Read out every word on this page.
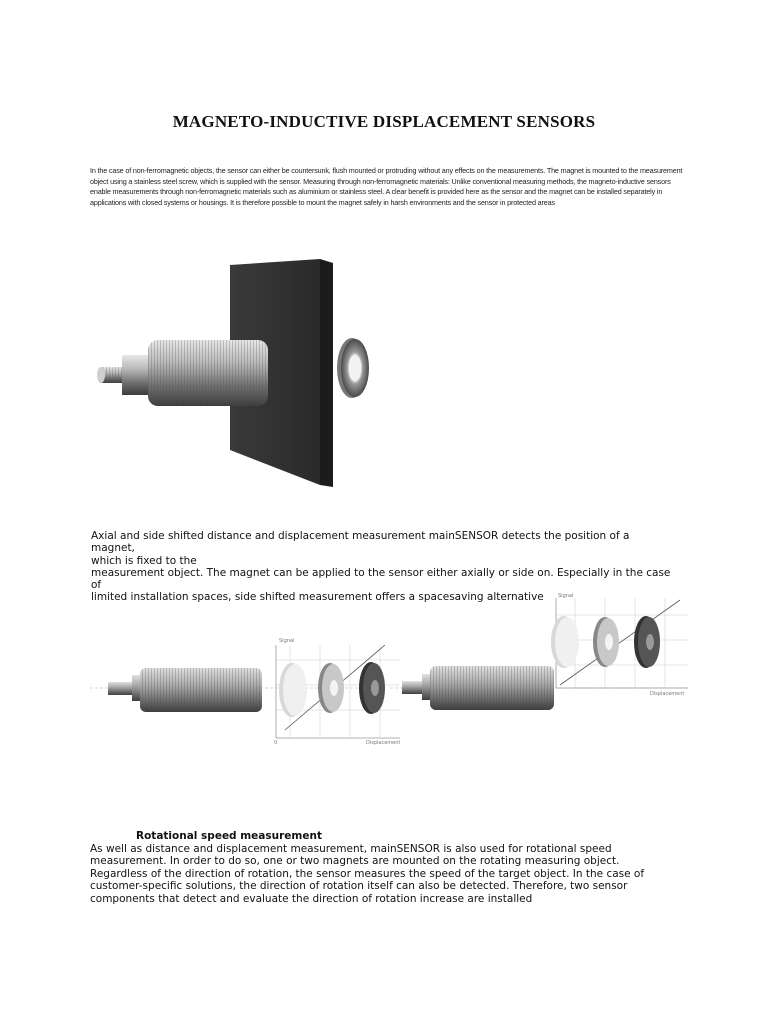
MAGNETO-INDUCTIVE DISPLACEMENT SENSORS
In the case of non-ferromagnetic objects, the sensor can either be countersunk, flush mounted or protruding without any effects on the measurements. The magnet is mounted to the measurement object using a stainless steel screw, which is supplied with the sensor. Measuring through non-ferromagnetic materials: Unlike conventional measuring methods, the magneto-inductive sensors enable measurements through non-ferromagnetic materials such as aluminium or stainless steel. A clear benefit is provided here as the sensor and the magnet can be installed separately in applications with closed systems or housings. It is therefore possible to mount the magnet safely in harsh environments and the sensor in protected areas
Axial and side shifted distance and displacement measurement mainSENSOR detects the position of a magnet,
which is fixed to the
measurement object. The magnet can be applied to the sensor either axially or side on. Especially in the case of
limited installation spaces, side shifted measurement offers a spacesaving alternative
Signal
Displacement
0
Signal
Displacement
Rotational speed measurement
As well as distance and displacement measurement, mainSENSOR is also used for rotational speed measurement. In order to do so, one or two magnets are mounted on the rotating measuring object. Regardless of the direction of rotation, the sensor measures the speed of the target object. In the case of customer-specific solutions, the direction of rotation itself can also be detected. Therefore, two sensor components that detect and evaluate the direction of rotation increase are installed
